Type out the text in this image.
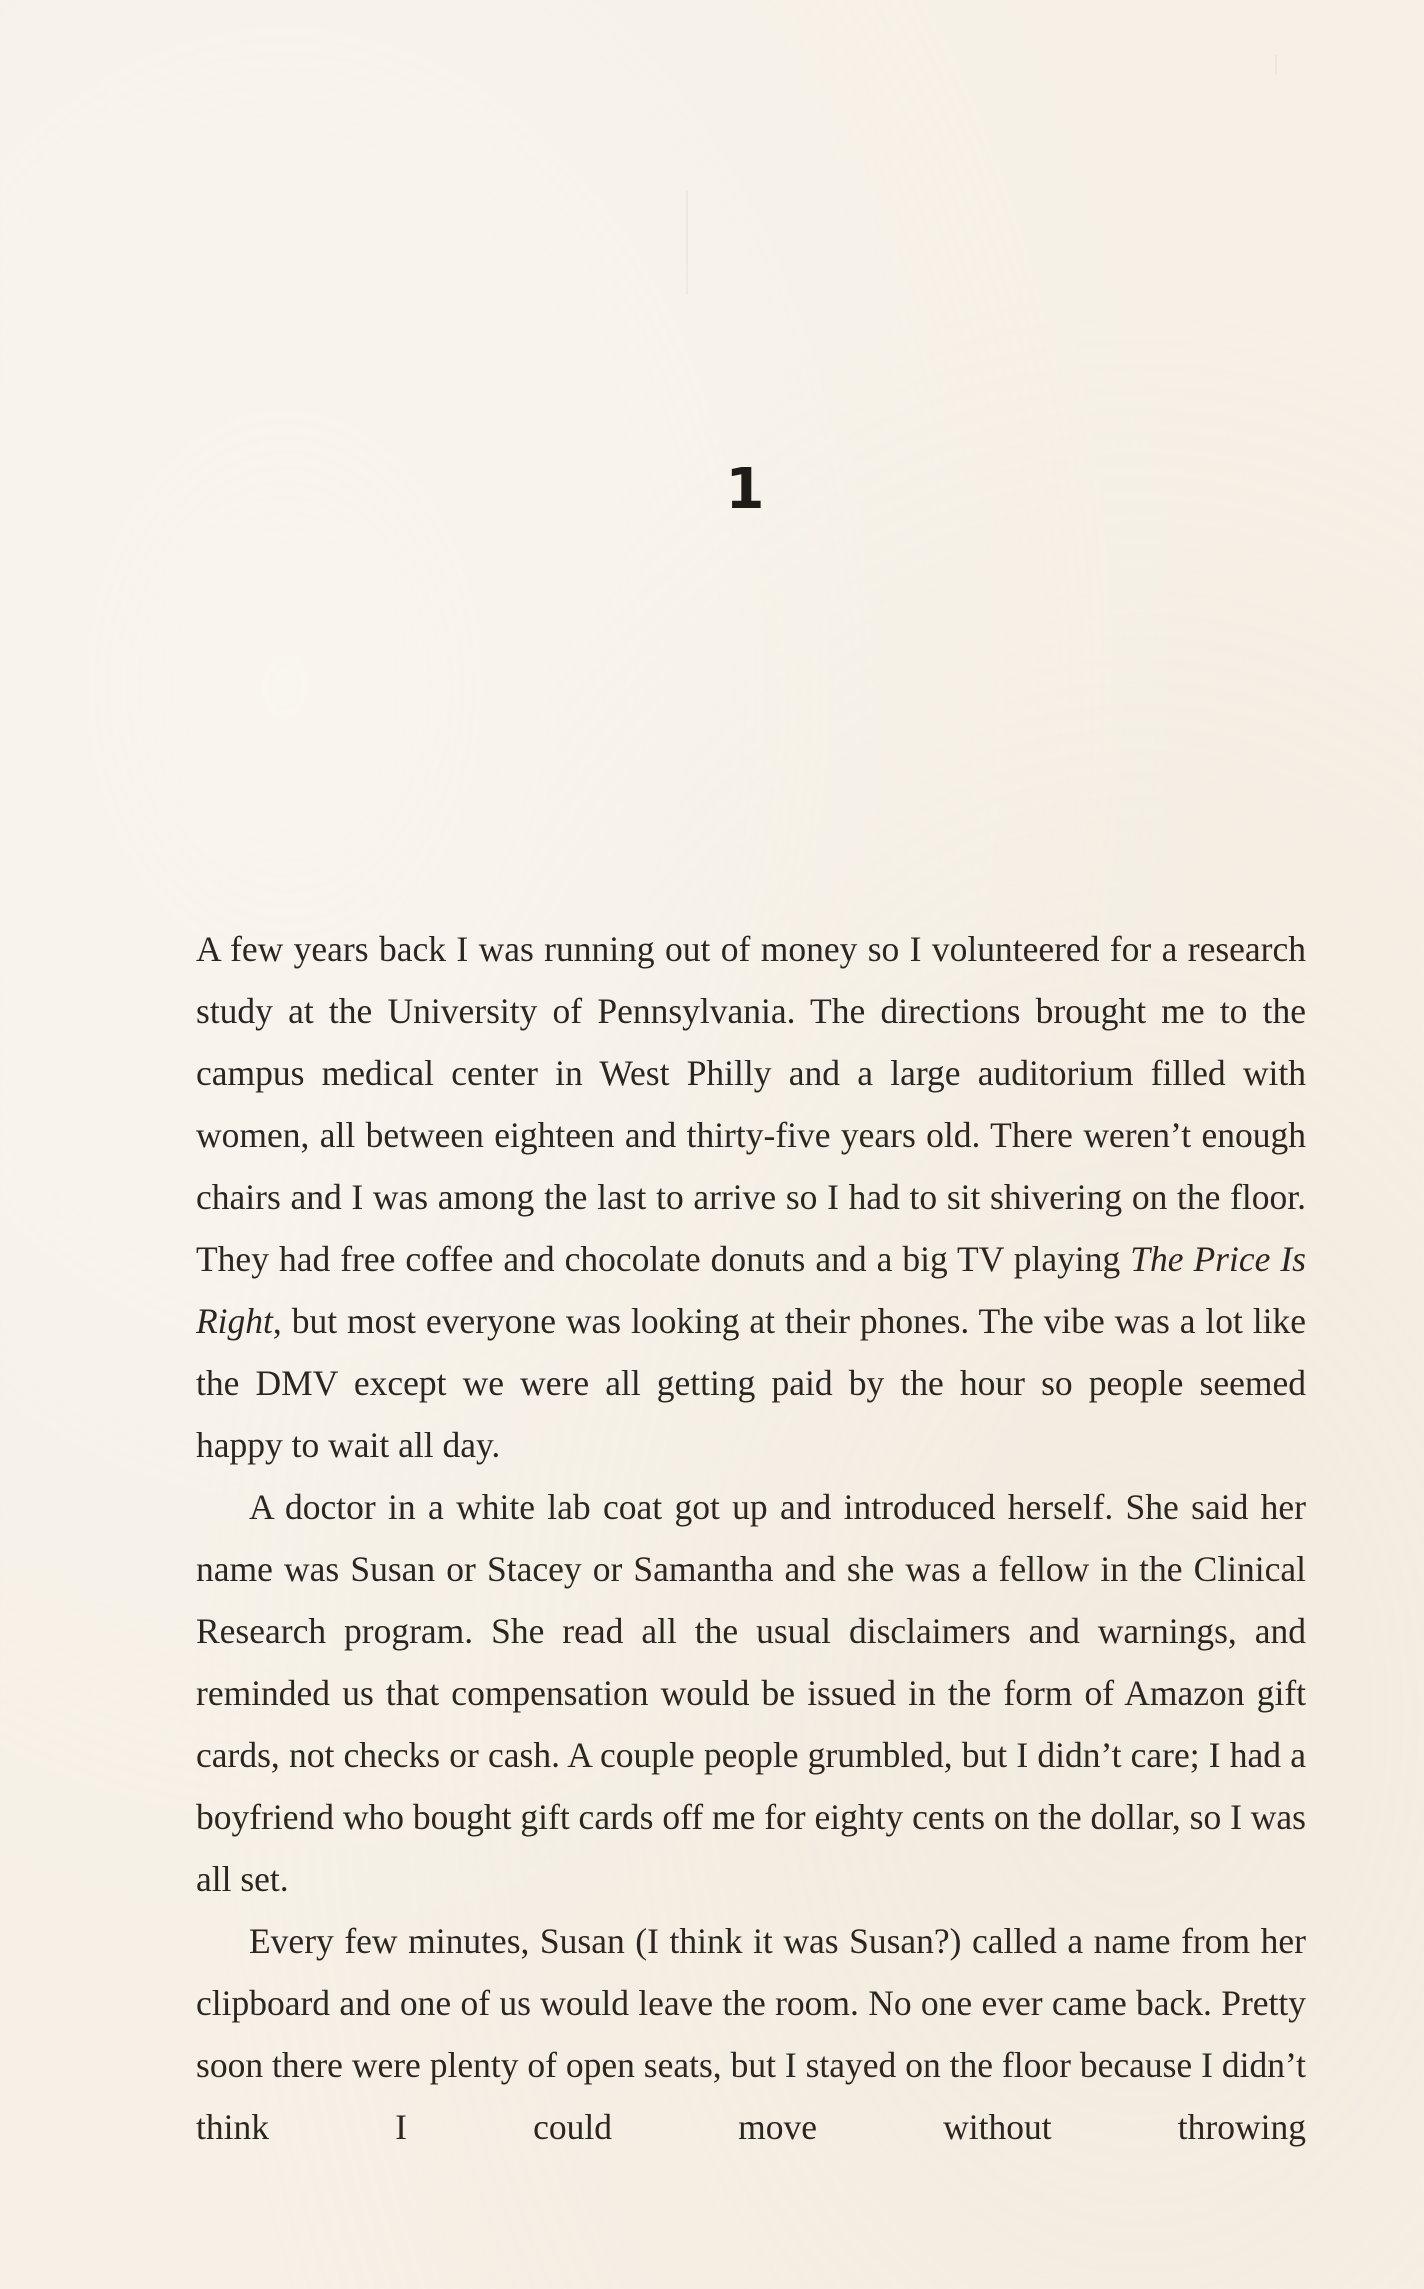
1

A few years back I was running out of money so I volunteered for a research study at the University of Pennsylvania. The directions brought me to the campus medical center in West Philly and a large auditorium filled with women, all between eighteen and thirty-five years old. There weren’t enough chairs and I was among the last to arrive so I had to sit shivering on the floor. They had free coffee and chocolate donuts and a big TV playing The Price Is Right, but most everyone was looking at their phones. The vibe was a lot like the DMV except we were all getting paid by the hour so people seemed happy to wait all day.

A doctor in a white lab coat got up and introduced herself. She said her name was Susan or Stacey or Samantha and she was a fellow in the Clinical Research program. She read all the usual disclaimers and warnings, and reminded us that compensation would be issued in the form of Amazon gift cards, not checks or cash. A couple people grumbled, but I didn’t care; I had a boyfriend who bought gift cards off me for eighty cents on the dollar, so I was all set.

Every few minutes, Susan (I think it was Susan?) called a name from her clipboard and one of us would leave the room. No one ever came back. Pretty soon there were plenty of open seats, but I stayed on the floor because I didn’t think I could move without throwing
